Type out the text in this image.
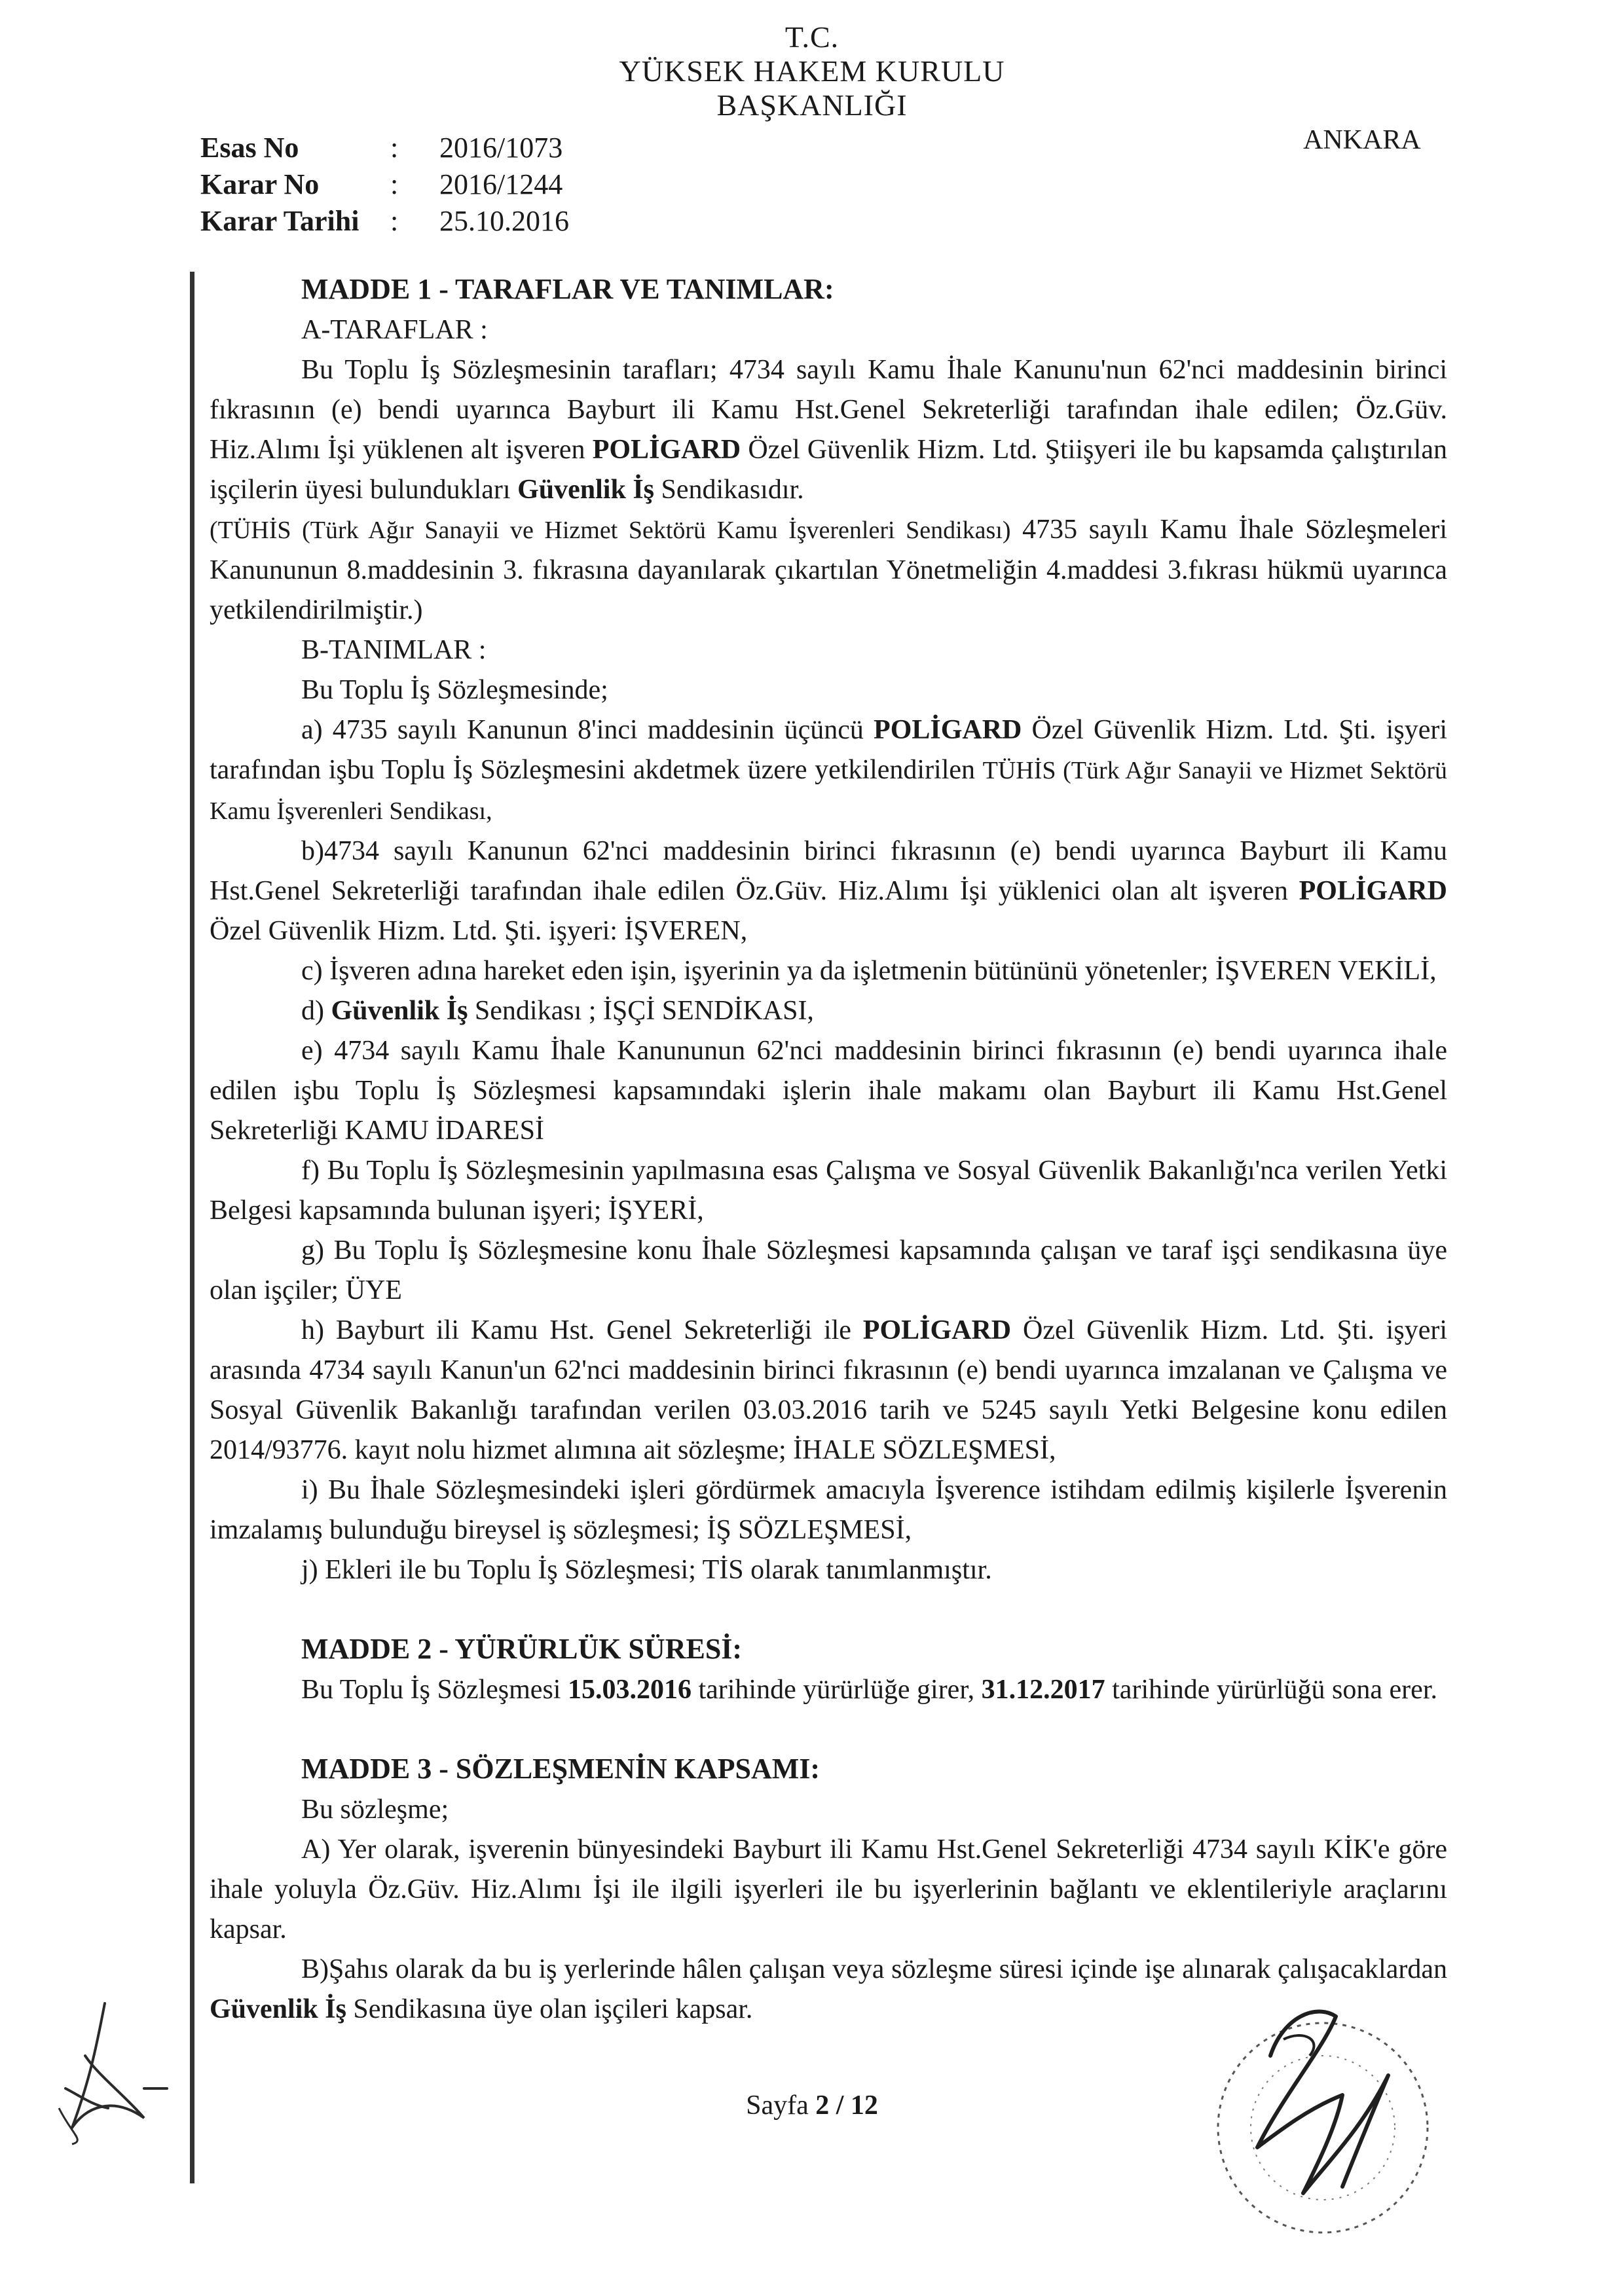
T.C.
YÜKSEK HAKEM KURULU
BAŞKANLIĞI
ANKARA
Esas No	: 2016/1073
Karar No : 2016/1244
Karar Tarihi : 25.10.2016
MADDE 1 - TARAFLAR VE TANIMLAR:

A-TARAFLAR :

Bu Toplu İş Sözleşmesinin tarafları; 4734 sayılı Kamu İhale Kanunu'nun 62'nci maddesinin birinci fıkrasının (e) bendi uyarınca Bayburt ili Kamu Hst.Genel Sekreterliği tarafından ihale edilen; Öz.Güv. Hiz.Alımı İşi yüklenen alt işveren POLİGARD Özel Güvenlik Hizm. Ltd. Ştiişyeri ile bu kapsamda çalıştırılan işçilerin üyesi bulundukları Güvenlik İş Sendikasıdır.

(TÜHİS (Türk Ağır Sanayii ve Hizmet Sektörü Kamu İşverenleri Sendikası) 4735 sayılı Kamu İhale Sözleşmeleri Kanununun 8.maddesinin 3. fıkrasına dayanılarak çıkartılan Yönetmeliğin 4.maddesi 3.fıkrası hükmü uyarınca yetkilendirilmiştir.)

B-TANIMLAR :

Bu Toplu İş Sözleşmesinde;

a) 4735 sayılı Kanunun 8'inci maddesinin üçüncü POLİGARD Özel Güvenlik Hizm. Ltd. Şti. işyeri tarafından işbu Toplu İş Sözleşmesini akdetmek üzere yetkilendirilen TÜHİS (Türk Ağır Sanayii ve Hizmet Sektörü Kamu İşverenleri Sendikası,

b)4734 sayılı Kanunun 62'nci maddesinin birinci fıkrasının (e) bendi uyarınca Bayburt ili Kamu Hst.Genel Sekreterliği tarafından ihale edilen Öz.Güv. Hiz.Alımı İşi yüklenici olan alt işveren POLİGARD Özel Güvenlik Hizm. Ltd. Şti. işyeri: İŞVEREN,

c) İşveren adına hareket eden işin, işyerinin ya da işletmenin bütününü yönetenler; İŞVEREN VEKİLİ,

d) Güvenlik İş Sendikası ; İŞÇİ SENDİKASI,

e) 4734 sayılı Kamu İhale Kanununun 62'nci maddesinin birinci fıkrasının (e) bendi uyarınca ihale edilen işbu Toplu İş Sözleşmesi kapsamındaki işlerin ihale makamı olan Bayburt ili Kamu Hst.Genel Sekreterliği KAMU İDARESİ

f) Bu Toplu İş Sözleşmesinin yapılmasına esas Çalışma ve Sosyal Güvenlik Bakanlığı'nca verilen Yetki Belgesi kapsamında bulunan işyeri; İŞYERİ,

g) Bu Toplu İş Sözleşmesine konu İhale Sözleşmesi kapsamında çalışan ve taraf işçi sendikasına üye olan işçiler; ÜYE

h) Bayburt ili Kamu Hst. Genel Sekreterliği ile POLİGARD Özel Güvenlik Hizm. Ltd. Şti. işyeri arasında 4734 sayılı Kanun'un 62'nci maddesinin birinci fıkrasının (e) bendi uyarınca imzalanan ve Çalışma ve Sosyal Güvenlik Bakanlığı tarafından verilen 03.03.2016 tarih ve 5245 sayılı Yetki Belgesine konu edilen 2014/93776. kayıt nolu hizmet alımına ait sözleşme; İHALE SÖZLEŞMESİ,

i) Bu İhale Sözleşmesindeki işleri gördürmek amacıyla İşverence istihdam edilmiş kişilerle İşverenin imzalamış bulunduğu bireysel iş sözleşmesi; İŞ SÖZLEŞMESİ,

j) Ekleri ile bu Toplu İş Sözleşmesi; TİS olarak tanımlanmıştır.

MADDE 2 - YÜRÜRLÜK SÜRESİ:

Bu Toplu İş Sözleşmesi 15.03.2016 tarihinde yürürlüğe girer, 31.12.2017 tarihinde yürürlüğü sona erer.

MADDE 3 - SÖZLEŞMENİN KAPSAMI:

Bu sözleşme;

A) Yer olarak, işverenin bünyesindeki Bayburt ili Kamu Hst.Genel Sekreterliği 4734 sayılı KİK'e göre ihale yoluyla Öz.Güv. Hiz.Alımı İşi ile ilgili işyerleri ile bu işyerlerinin bağlantı ve eklentileriyle araçlarını kapsar.

B)Şahıs olarak da bu iş yerlerinde hâlen çalışan veya sözleşme süresi içinde işe alınarak çalışacaklardan Güvenlik İş Sendikasına üye olan işçileri kapsar.

Sayfa 2 / 12
